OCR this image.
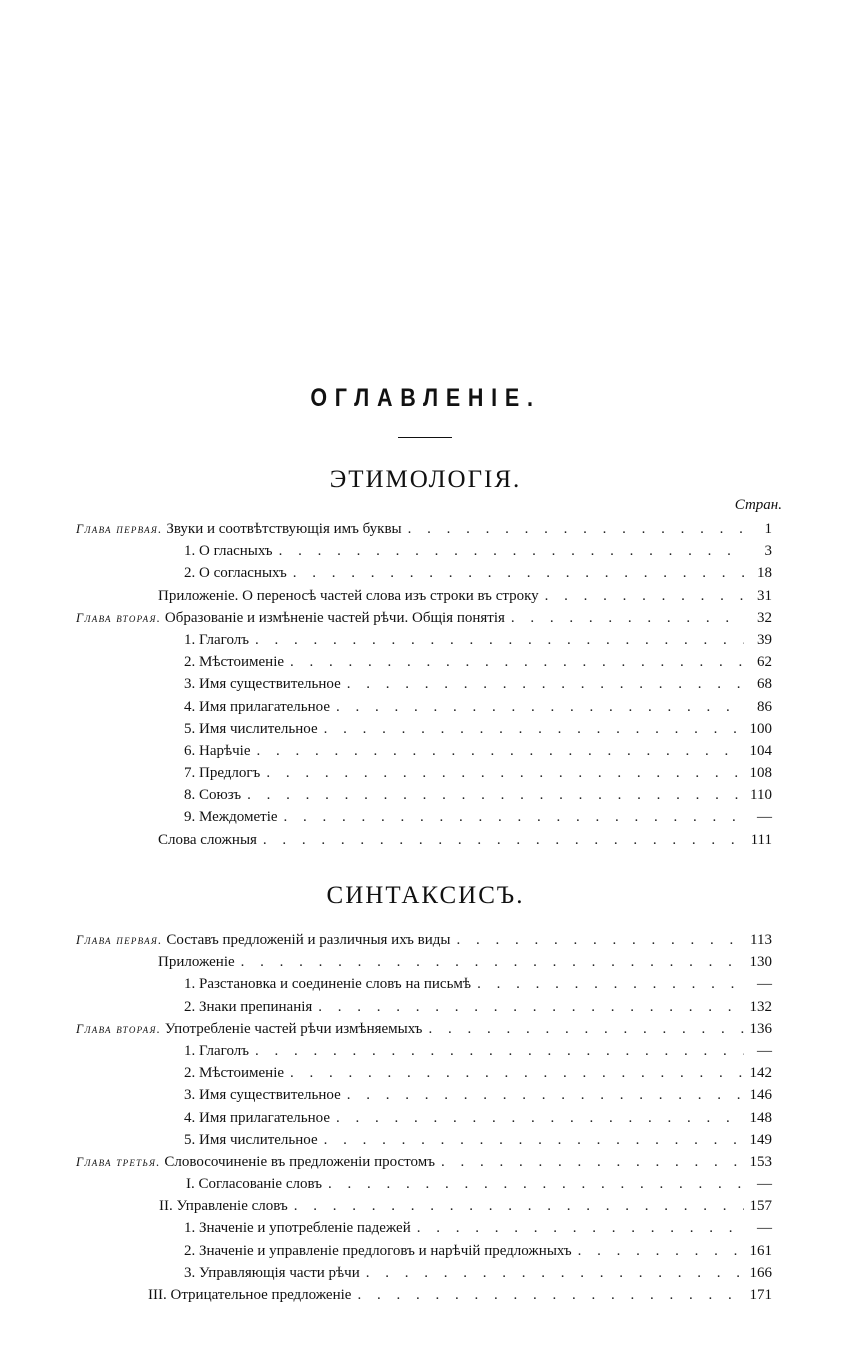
ОГЛАВЛЕНIЕ.
ЭТИМОЛОГIЯ.
Стран.
Глава первая. Звуки и соотвѣтствующія имъ буквы . . .	1
1. О гласныхъ . . .	3
2. О согласныхъ . . .	18
Приложеніе. О переносѣ частей слова изъ строки въ строку . . .	31
Глава вторая. Образованіе и измѣненіе частей рѣчи. Общія понятія . . .	32
1. Глаголъ . . .	39
2. Мѣстоименіе . . .	62
3. Имя существительное . . .	68
4. Имя прилагательное . . .	86
5. Имя числительное . . .	100
6. Нарѣчіе . . .	104
7. Предлогъ . . .	108
8. Союзъ . . .	110
9. Междометіе . . .	—
Слова сложныя . . .	111
СИНТАКСИСЪ.
Глава первая. Составъ предложеній и различныя ихъ виды . . .	113
Приложеніе . . .	130
1. Разстановка и соединеніе словъ на письмѣ . . .	—
2. Знаки препинанія . . .	132
Глава вторая. Употребленіе частей рѣчи измѣняемыхъ . . .	136
1. Глаголъ . . .	—
2. Мѣстоименіе . . .	142
3. Имя существительное . . .	146
4. Имя прилагательное . . .	148
5. Имя числительное . . .	149
Глава третья. Словосочиненіе въ предложеніи простомъ . . .	153
I. Согласованіе словъ . . .	—
II. Управленіе словъ . . .	157
1. Значеніе и употребленіе падежей . . .	—
2. Значеніе и управленіе предлоговъ и нарѣчій предложныхъ . . .	161
3. Управляющія части рѣчи . . .	166
III. Отрицательное предложеніе . . .	171
